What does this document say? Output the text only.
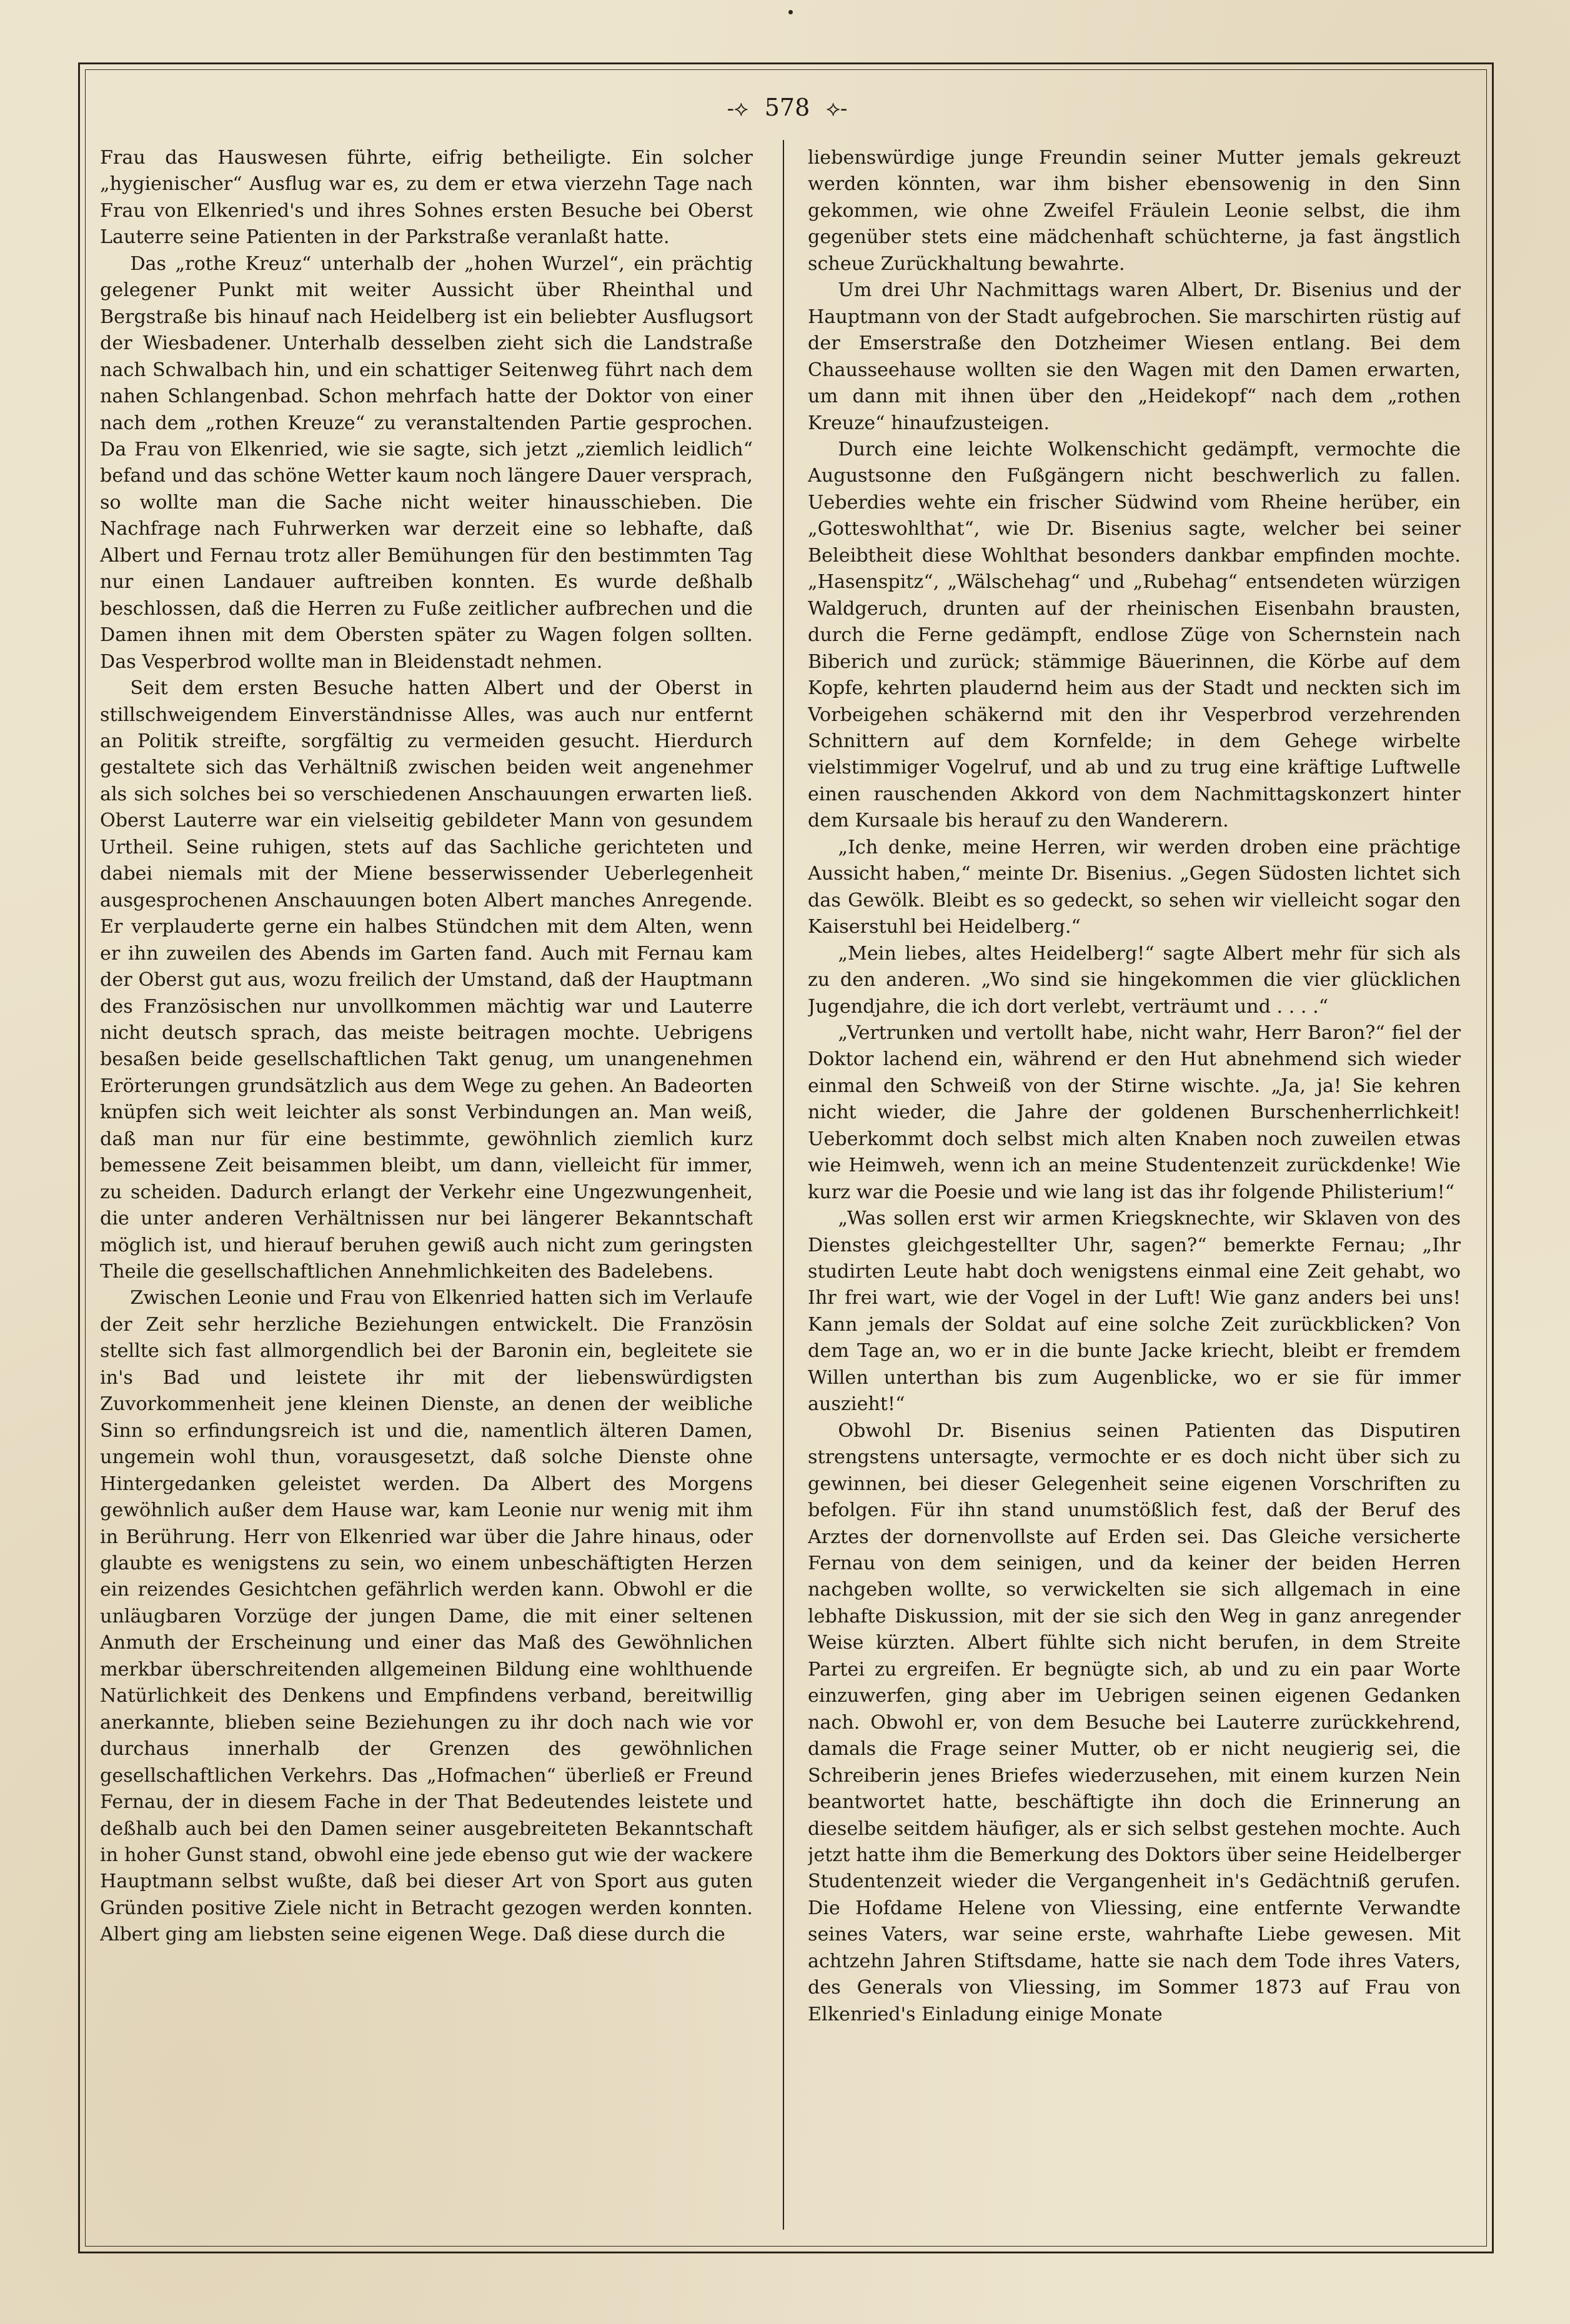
-⟡ 578 ⟡-

Frau das Hauswesen führte, eifrig betheiligte. Ein solcher „hygienischer“ Ausflug war es, zu dem er etwa vierzehn Tage nach Frau von Elkenried's und ihres Sohnes ersten Besuche bei Oberst Lauterre seine Patienten in der Parkstraße veranlaßt hatte.

Das „rothe Kreuz“ unterhalb der „hohen Wurzel“, ein prächtig gelegener Punkt mit weiter Aussicht über Rheinthal und Bergstraße bis hinauf nach Heidelberg ist ein beliebter Ausflugsort der Wiesbadener. Unterhalb desselben zieht sich die Landstraße nach Schwalbach hin, und ein schattiger Seitenweg führt nach dem nahen Schlangenbad. Schon mehrfach hatte der Doktor von einer nach dem „rothen Kreuze“ zu veranstaltenden Partie gesprochen. Da Frau von Elkenried, wie sie sagte, sich jetzt „ziemlich leidlich“ befand und das schöne Wetter kaum noch längere Dauer versprach, so wollte man die Sache nicht weiter hinausschieben. Die Nachfrage nach Fuhrwerken war derzeit eine so lebhafte, daß Albert und Fernau trotz aller Bemühungen für den bestimmten Tag nur einen Landauer auftreiben konnten. Es wurde deßhalb beschlossen, daß die Herren zu Fuße zeitlicher aufbrechen und die Damen ihnen mit dem Obersten später zu Wagen folgen sollten. Das Vesperbrod wollte man in Bleidenstadt nehmen.

Seit dem ersten Besuche hatten Albert und der Oberst in stillschweigendem Einverständnisse Alles, was auch nur entfernt an Politik streifte, sorgfältig zu vermeiden gesucht. Hierdurch gestaltete sich das Verhältniß zwischen beiden weit angenehmer als sich solches bei so verschiedenen Anschauungen erwarten ließ. Oberst Lauterre war ein vielseitig gebildeter Mann von gesundem Urtheil. Seine ruhigen, stets auf das Sachliche gerichteten und dabei niemals mit der Miene besserwissender Ueberlegenheit ausgesprochenen Anschauungen boten Albert manches Anregende. Er verplauderte gerne ein halbes Stündchen mit dem Alten, wenn er ihn zuweilen des Abends im Garten fand. Auch mit Fernau kam der Oberst gut aus, wozu freilich der Umstand, daß der Hauptmann des Französischen nur unvollkommen mächtig war und Lauterre nicht deutsch sprach, das meiste beitragen mochte. Uebrigens besaßen beide gesellschaftlichen Takt genug, um unangenehmen Erörterungen grundsätzlich aus dem Wege zu gehen. An Badeorten knüpfen sich weit leichter als sonst Verbindungen an. Man weiß, daß man nur für eine bestimmte, gewöhnlich ziemlich kurz bemessene Zeit beisammen bleibt, um dann, vielleicht für immer, zu scheiden. Dadurch erlangt der Verkehr eine Ungezwungenheit, die unter anderen Verhältnissen nur bei längerer Bekanntschaft möglich ist, und hierauf beruhen gewiß auch nicht zum geringsten Theile die gesellschaftlichen Annehmlichkeiten des Badelebens.

Zwischen Leonie und Frau von Elkenried hatten sich im Verlaufe der Zeit sehr herzliche Beziehungen entwickelt. Die Französin stellte sich fast allmorgendlich bei der Baronin ein, begleitete sie in's Bad und leistete ihr mit der liebenswürdigsten Zuvorkommenheit jene kleinen Dienste, an denen der weibliche Sinn so erfindungsreich ist und die, namentlich älteren Damen, ungemein wohl thun, vorausgesetzt, daß solche Dienste ohne Hintergedanken geleistet werden. Da Albert des Morgens gewöhnlich außer dem Hause war, kam Leonie nur wenig mit ihm in Berührung. Herr von Elkenried war über die Jahre hinaus, oder glaubte es wenigstens zu sein, wo einem unbeschäftigten Herzen ein reizendes Gesichtchen gefährlich werden kann. Obwohl er die unläugbaren Vorzüge der jungen Dame, die mit einer seltenen Anmuth der Erscheinung und einer das Maß des Gewöhnlichen merkbar überschreitenden allgemeinen Bildung eine wohlthuende Natürlichkeit des Denkens und Empfindens verband, bereitwillig anerkannte, blieben seine Beziehungen zu ihr doch nach wie vor durchaus innerhalb der Grenzen des gewöhnlichen gesellschaftlichen Verkehrs. Das „Hofmachen“ überließ er Freund Fernau, der in diesem Fache in der That Bedeutendes leistete und deßhalb auch bei den Damen seiner ausgebreiteten Bekanntschaft in hoher Gunst stand, obwohl eine jede ebenso gut wie der wackere Hauptmann selbst wußte, daß bei dieser Art von Sport aus guten Gründen positive Ziele nicht in Betracht gezogen werden konnten. Albert ging am liebsten seine eigenen Wege. Daß diese durch die

liebenswürdige junge Freundin seiner Mutter jemals gekreuzt werden könnten, war ihm bisher ebensowenig in den Sinn gekommen, wie ohne Zweifel Fräulein Leonie selbst, die ihm gegenüber stets eine mädchenhaft schüchterne, ja fast ängstlich scheue Zurückhaltung bewahrte.

Um drei Uhr Nachmittags waren Albert, Dr. Bisenius und der Hauptmann von der Stadt aufgebrochen. Sie marschirten rüstig auf der Emserstraße den Dotzheimer Wiesen entlang. Bei dem Chausseehause wollten sie den Wagen mit den Damen erwarten, um dann mit ihnen über den „Heidekopf“ nach dem „rothen Kreuze“ hinaufzusteigen.

Durch eine leichte Wolkenschicht gedämpft, vermochte die Augustsonne den Fußgängern nicht beschwerlich zu fallen. Ueberdies wehte ein frischer Südwind vom Rheine herüber, ein „Gotteswohlthat“, wie Dr. Bisenius sagte, welcher bei seiner Beleibtheit diese Wohlthat besonders dankbar empfinden mochte. „Hasenspitz“, „Wälschehag“ und „Rubehag“ entsendeten würzigen Waldgeruch, drunten auf der rheinischen Eisenbahn brausten, durch die Ferne gedämpft, endlose Züge von Schernstein nach Biberich und zurück; stämmige Bäuerinnen, die Körbe auf dem Kopfe, kehrten plaudernd heim aus der Stadt und neckten sich im Vorbeigehen schäkernd mit den ihr Vesperbrod verzehrenden Schnittern auf dem Kornfelde; in dem Gehege wirbelte vielstimmiger Vogelruf, und ab und zu trug eine kräftige Luftwelle einen rauschenden Akkord von dem Nachmittagskonzert hinter dem Kursaale bis herauf zu den Wanderern.

„Ich denke, meine Herren, wir werden droben eine prächtige Aussicht haben,“ meinte Dr. Bisenius. „Gegen Südosten lichtet sich das Gewölk. Bleibt es so gedeckt, so sehen wir vielleicht sogar den Kaiserstuhl bei Heidelberg.“

„Mein liebes, altes Heidelberg!“ sagte Albert mehr für sich als zu den anderen. „Wo sind sie hingekommen die vier glücklichen Jugendjahre, die ich dort verlebt, verträumt und . . . .“

„Vertrunken und vertollt habe, nicht wahr, Herr Baron?“ fiel der Doktor lachend ein, während er den Hut abnehmend sich wieder einmal den Schweiß von der Stirne wischte. „Ja, ja! Sie kehren nicht wieder, die Jahre der goldenen Burschenherrlichkeit! Ueberkommt doch selbst mich alten Knaben noch zuweilen etwas wie Heimweh, wenn ich an meine Studentenzeit zurückdenke! Wie kurz war die Poesie und wie lang ist das ihr folgende Philisterium!“

„Was sollen erst wir armen Kriegsknechte, wir Sklaven von des Dienstes gleichgestellter Uhr, sagen?“ bemerkte Fernau; „Ihr studirten Leute habt doch wenigstens einmal eine Zeit gehabt, wo Ihr frei wart, wie der Vogel in der Luft! Wie ganz anders bei uns! Kann jemals der Soldat auf eine solche Zeit zurückblicken? Von dem Tage an, wo er in die bunte Jacke kriecht, bleibt er fremdem Willen unterthan bis zum Augenblicke, wo er sie für immer auszieht!“

Obwohl Dr. Bisenius seinen Patienten das Disputiren strengstens untersagte, vermochte er es doch nicht über sich zu gewinnen, bei dieser Gelegenheit seine eigenen Vorschriften zu befolgen. Für ihn stand unumstößlich fest, daß der Beruf des Arztes der dornenvollste auf Erden sei. Das Gleiche versicherte Fernau von dem seinigen, und da keiner der beiden Herren nachgeben wollte, so verwickelten sie sich allgemach in eine lebhafte Diskussion, mit der sie sich den Weg in ganz anregender Weise kürzten. Albert fühlte sich nicht berufen, in dem Streite Partei zu ergreifen. Er begnügte sich, ab und zu ein paar Worte einzuwerfen, ging aber im Uebrigen seinen eigenen Gedanken nach. Obwohl er, von dem Besuche bei Lauterre zurückkehrend, damals die Frage seiner Mutter, ob er nicht neugierig sei, die Schreiberin jenes Briefes wiederzusehen, mit einem kurzen Nein beantwortet hatte, beschäftigte ihn doch die Erinnerung an dieselbe seitdem häufiger, als er sich selbst gestehen mochte. Auch jetzt hatte ihm die Bemerkung des Doktors über seine Heidelberger Studentenzeit wieder die Vergangenheit in's Gedächtniß gerufen. Die Hofdame Helene von Vliessing, eine entfernte Verwandte seines Vaters, war seine erste, wahrhafte Liebe gewesen. Mit achtzehn Jahren Stiftsdame, hatte sie nach dem Tode ihres Vaters, des Generals von Vliessing, im Sommer 1873 auf Frau von Elkenried's Einladung einige Monate
